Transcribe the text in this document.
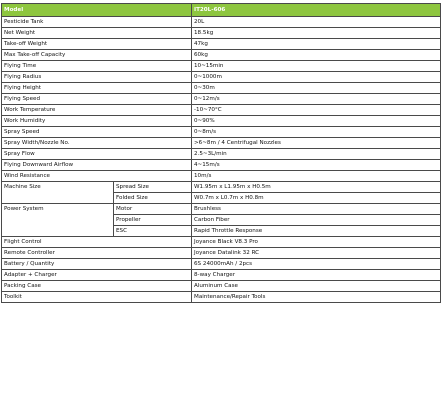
Model		IT20L-606
Pesticide Tank		20L
Net Weight		18.5kg
Take-off Weight		47kg
Max Take-off Capacity		60kg
Flying Time		10~15min
Flying Radius		0~1000m
Flying Height		0~30m
Flying Speed		0~12m/s
Work Temperature		-10~70°C
Work Humidity		0~90%
Spray Speed		0~8m/s
Spray Width/Nozzle No.		>6~8m / 4 Centrifugal Nozzles
Spray Flow		2.5~3L/min
Flying Downward Airflow		4~15m/s
Wind Resistance		10m/s
Machine Size	Spread Size	W1.95m x L1.95m x H0.5m
	Folded Size	W0.7m x L0.7m x H0.8m
Power System	Motor	Brushless
	Propeller	Carbon Fiber
	ESC	Rapid Throttle Response
Flight Control		Joyance Black V8.3 Pro
Remote Controller		Joyance Datalink 32 RC
Battery / Quantity		6S 24000mAh / 2pcs
Adapter + Charger		8-way Charger
Packing Case		Aluminum Case
Toolkit		Maintenance/Repair Tools
